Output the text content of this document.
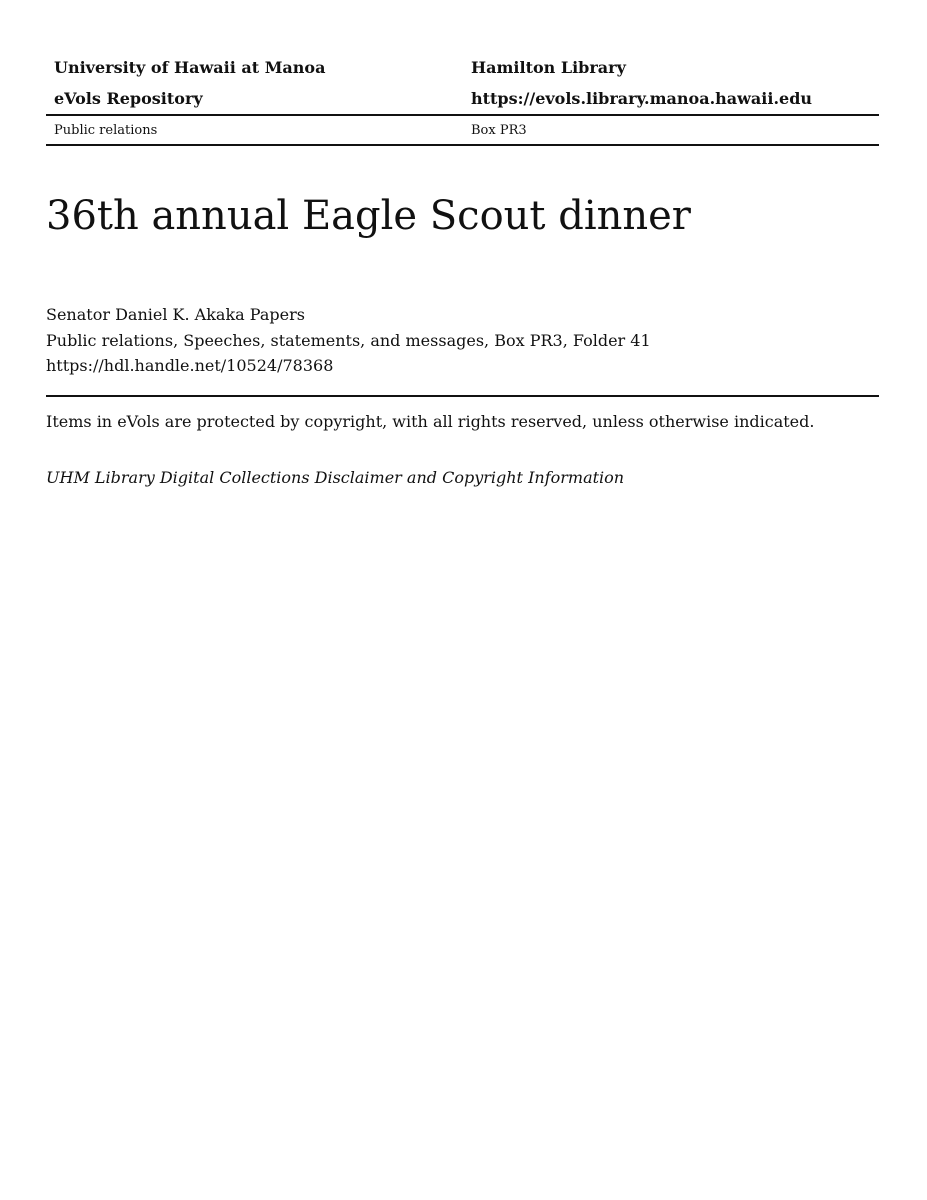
University of Hawaii at Manoa	Hamilton Library
eVols Repository	https://evols.library.manoa.hawaii.edu
Public relations	Box PR3
36th annual Eagle Scout dinner
Senator Daniel K. Akaka Papers
Public relations, Speeches, statements, and messages, Box PR3, Folder 41
https://hdl.handle.net/10524/78368
Items in eVols are protected by copyright, with all rights reserved, unless otherwise indicated.
UHM Library Digital Collections Disclaimer and Copyright Information
